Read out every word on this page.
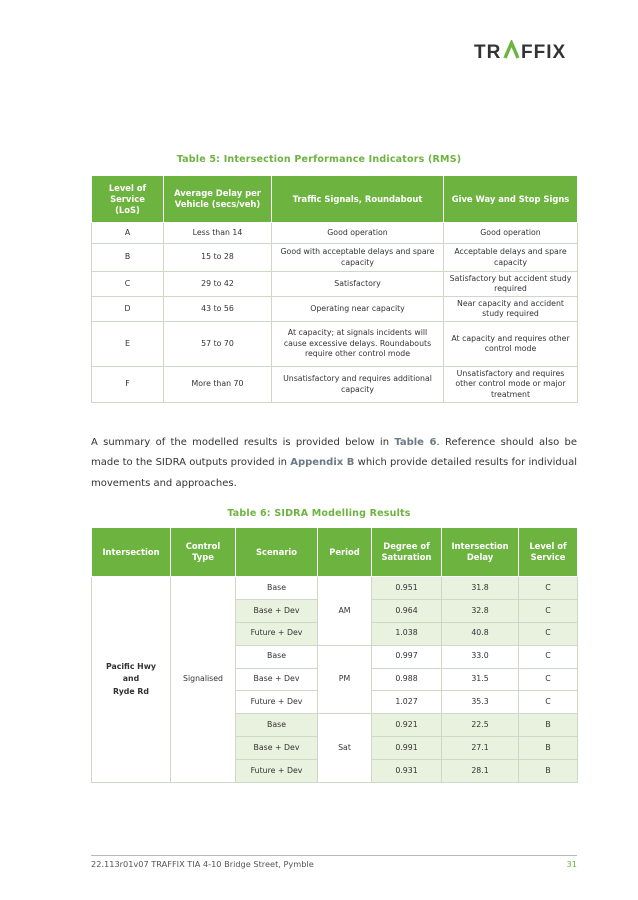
TR FFIX
Table 5: Intersection Performance Indicators (RMS)
Level of Service (LoS)	Average Delay per Vehicle (secs/veh)	Traffic Signals, Roundabout	Give Way and Stop Signs
A	Less than 14	Good operation	Good operation
B	15 to 28	Good with acceptable delays and spare capacity	Acceptable delays and spare capacity
C	29 to 42	Satisfactory	Satisfactory but accident study required
D	43 to 56	Operating near capacity	Near capacity and accident study required
E	57 to 70	At capacity; at signals incidents will cause excessive delays. Roundabouts require other control mode	At capacity and requires other control mode
F	More than 70	Unsatisfactory and requires additional capacity	Unsatisfactory and requires other control mode or major treatment

A summary of the modelled results is provided below in Table 6. Reference should also be made to the SIDRA outputs provided in Appendix B which provide detailed results for individual movements and approaches.

Table 6: SIDRA Modelling Results
Intersection	Control Type	Scenario	Period	Degree of Saturation	Intersection Delay	Level of Service

Pacific Hwy
and
Ryde Rd	Signalised	Base	AM	0.951	31.8	C
		Base + Dev		0.964	32.8	C
		Future + Dev		1.038	40.8	C
		Base	PM	0.997	33.0	C
		Base + Dev		0.988	31.5	C
		Future + Dev		1.027	35.3	C
		Base	Sat	0.921	22.5	B
		Base + Dev		0.991	27.1	B
		Future + Dev		0.931	28.1	B
22.113r01v07 TRAFFIX TIA 4-10 Bridge Street, Pymble	31
